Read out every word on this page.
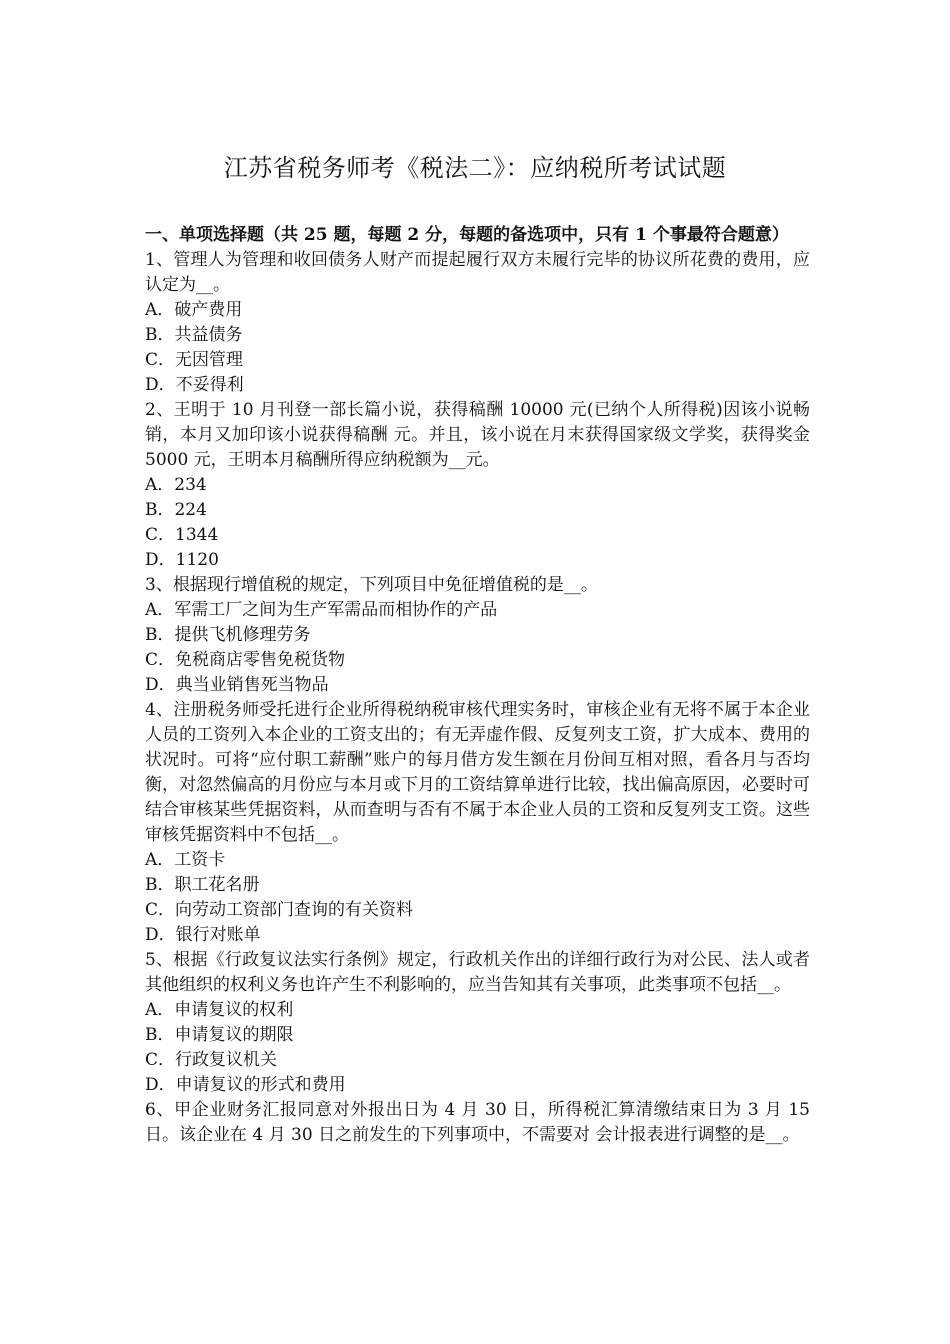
江苏省税务师考《税法二》：应纳税所考试试题

一、单项选择题（共 25 题，每题 2 分，每题的备选项中，只有 1 个事最符合题意）

1、管理人为管理和收回债务人财产而提起履行双方未履行完毕的协议所花费的费用，应认定为__。

A．破产费用

B．共益债务

C．无因管理

D．不妥得利

2、王明于 10 月刊登一部长篇小说，获得稿酬 10000 元(已纳个人所得税)因该小说畅销，本月又加印该小说获得稿酬 元。并且，该小说在月末获得国家级文学奖，获得奖金 5000 元，王明本月稿酬所得应纳税额为__元。

A．234

B．224

C．1344

D．1120

3、根据现行增值税的规定，下列项目中免征增值税的是__。

A．军需工厂之间为生产军需品而相协作的产品

B．提供飞机修理劳务

C．免税商店零售免税货物

D．典当业销售死当物品

4、注册税务师受托进行企业所得税纳税审核代理实务时，审核企业有无将不属于本企业人员的工资列入本企业的工资支出的；有无弄虚作假、反复列支工资，扩大成本、费用的状况时。可将“应付职工薪酬”账户的每月借方发生额在月份间互相对照，看各月与否均衡，对忽然偏高的月份应与本月或下月的工资结算单进行比较，找出偏高原因，必要时可结合审核某些凭据资料，从而查明与否有不属于本企业人员的工资和反复列支工资。这些审核凭据资料中不包括__。

A．工资卡

B．职工花名册

C．向劳动工资部门查询的有关资料

D．银行对账单

5、根据《行政复议法实行条例》规定，行政机关作出的详细行政行为对公民、法人或者其他组织的权利义务也许产生不利影响的，应当告知其有关事项，此类事项不包括__。

A．申请复议的权利

B．申请复议的期限

C．行政复议机关

D．申请复议的形式和费用

6、甲企业财务汇报同意对外报出日为 4 月 30 日，所得税汇算清缴结束日为 3 月 15 日。该企业在 4 月 30 日之前发生的下列事项中，不需要对 会计报表进行调整的是__。
